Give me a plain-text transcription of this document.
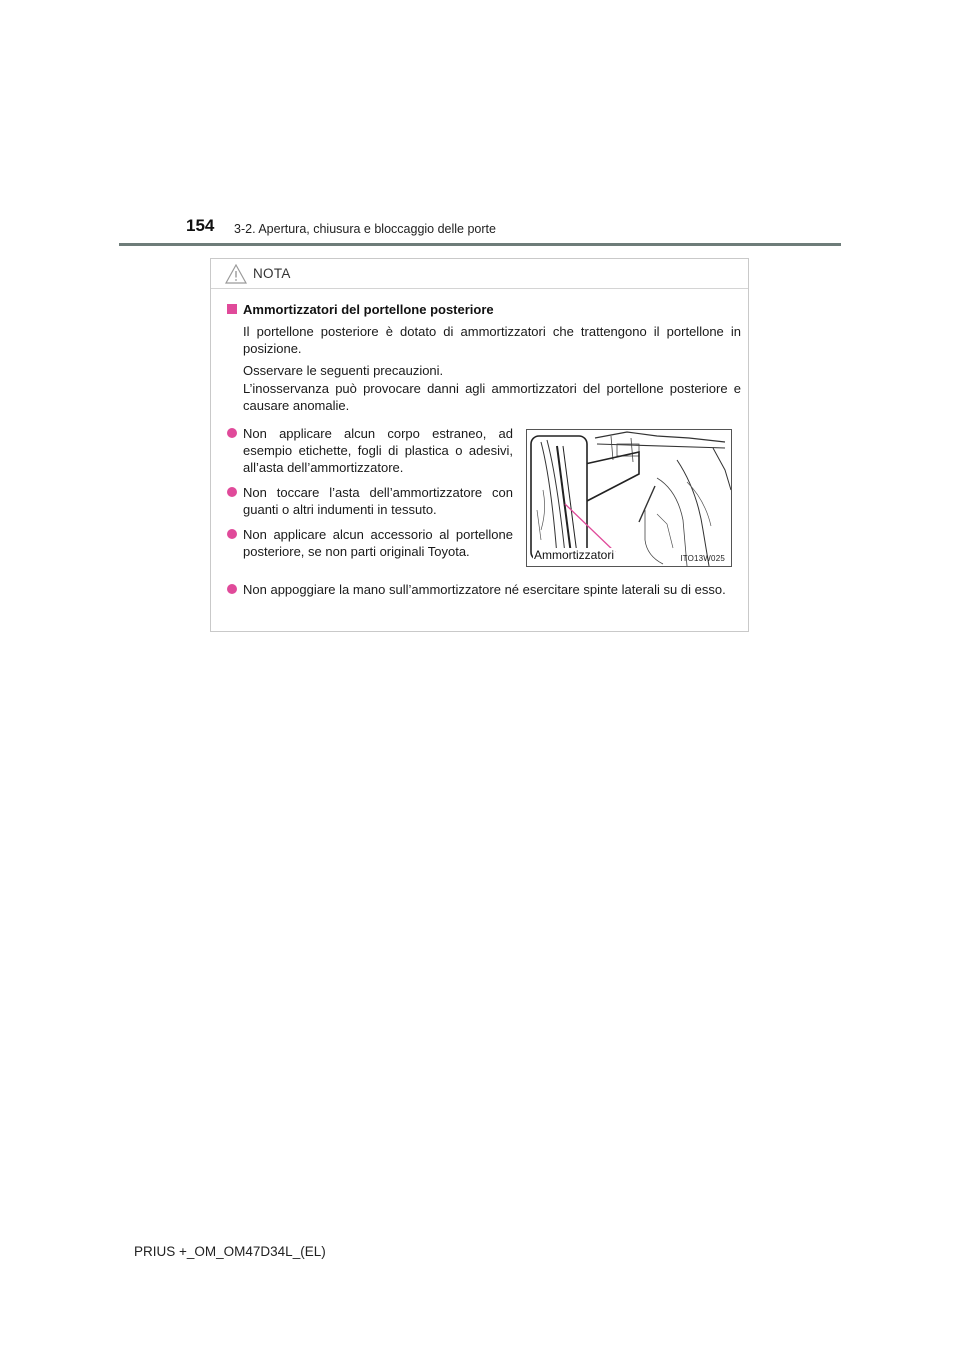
154 3-2. Apertura, chiusura e bloccaggio delle porte
NOTA
Ammortizzatori del portellone posteriore

Il portellone posteriore è dotato di ammortizzatori che trattengono il portellone in posizione.

Osservare le seguenti precauzioni.

L’inosservanza può provocare danni agli ammortizzatori del portellone posteriore e causare anomalie.

Non applicare alcun corpo estraneo, ad esempio etichette, fogli di plastica o adesivi, all’asta dell’ammortizzatore.
Non toccare l’asta dell’ammortizzatore con guanti o altri indumenti in tessuto.
Non applicare alcun accessorio al portellone posteriore, se non parti originali Toyota.	Ammortizzatori	ITO13W025
Non appoggiare la mano sull’ammortizzatore né esercitare spinte laterali su di esso.
PRIUS +_OM_OM47D34L_(EL)
